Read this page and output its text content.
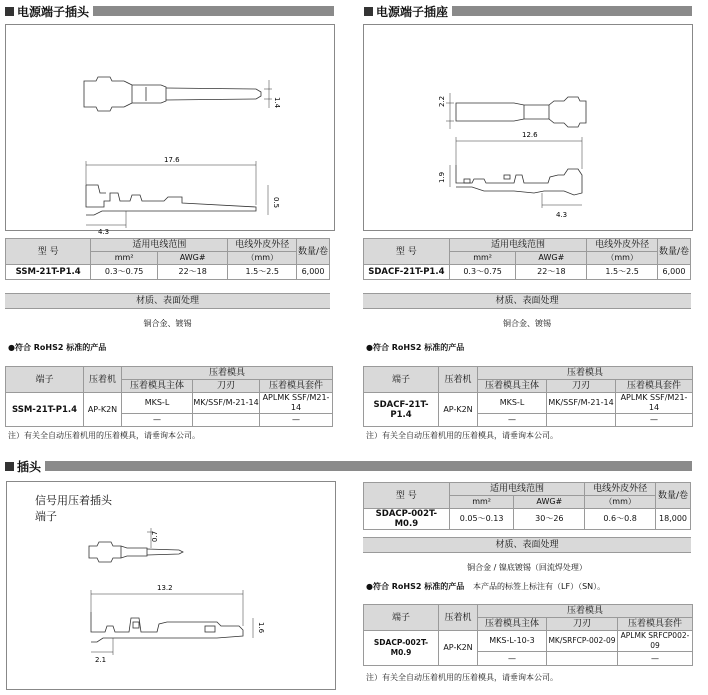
电源端子插头
1.4
17.6
0.5
4.3
型 号	适用电线范围		电线外皮外径	数量/卷
	mm²	AWG#	（mm）	
SSM-21T-P1.4	0.3～0.75	22～18	1.5～2.5	6,000
材质、表面处理
铜合金、镀锡
●符合 RoHS2 标准的产品
端子	压着机	压着模具		
		压着模具主体	刀刃	压着模具套件
SSM-21T-P1.4	AP-K2N	MKS-L	MK/SSF/M-21-14	APLMK SSF/M21-14
		—		—
注）有关全自动压着机用的压着模具，请垂询本公司。
电源端子插座
2.2
12.6
1.9
4.3
型 号	适用电线范围		电线外皮外径	数量/卷
	mm²	AWG#	（mm）	
SDACF-21T-P1.4	0.3～0.75	22～18	1.5～2.5	6,000
材质、表面处理
铜合金、镀锡
●符合 RoHS2 标准的产品
端子	压着机	压着模具		
		压着模具主体	刀刃	压着模具套件
SDACF-21T-P1.4	AP-K2N	MKS-L	MK/SSF/M-21-14	APLMK SSF/M21-14
		—		—
注）有关全自动压着机用的压着模具，请垂询本公司。
插头
信号用压着插头
端子
0.7
13.2
1.6
2.1
型 号	适用电线范围		电线外皮外径	数量/卷
	mm²	AWG#	（mm）	
SDACP-002T-M0.9	0.05～0.13	30～26	0.6～0.8	18,000
材质、表面处理
铜合金 / 镍底镀锡（回流焊处理）
●符合 RoHS2 标准的产品 本产品的标签上标注有（LF）（SN）。
端子	压着机	压着模具		
		压着模具主体	刀刃	压着模具套件
SDACP-002T-M0.9	AP-K2N	MKS-L-10-3	MK/SRFCP-002-09	APLMK SRFCP002-09
		—		—
注）有关全自动压着机用的压着模具，请垂询本公司。
